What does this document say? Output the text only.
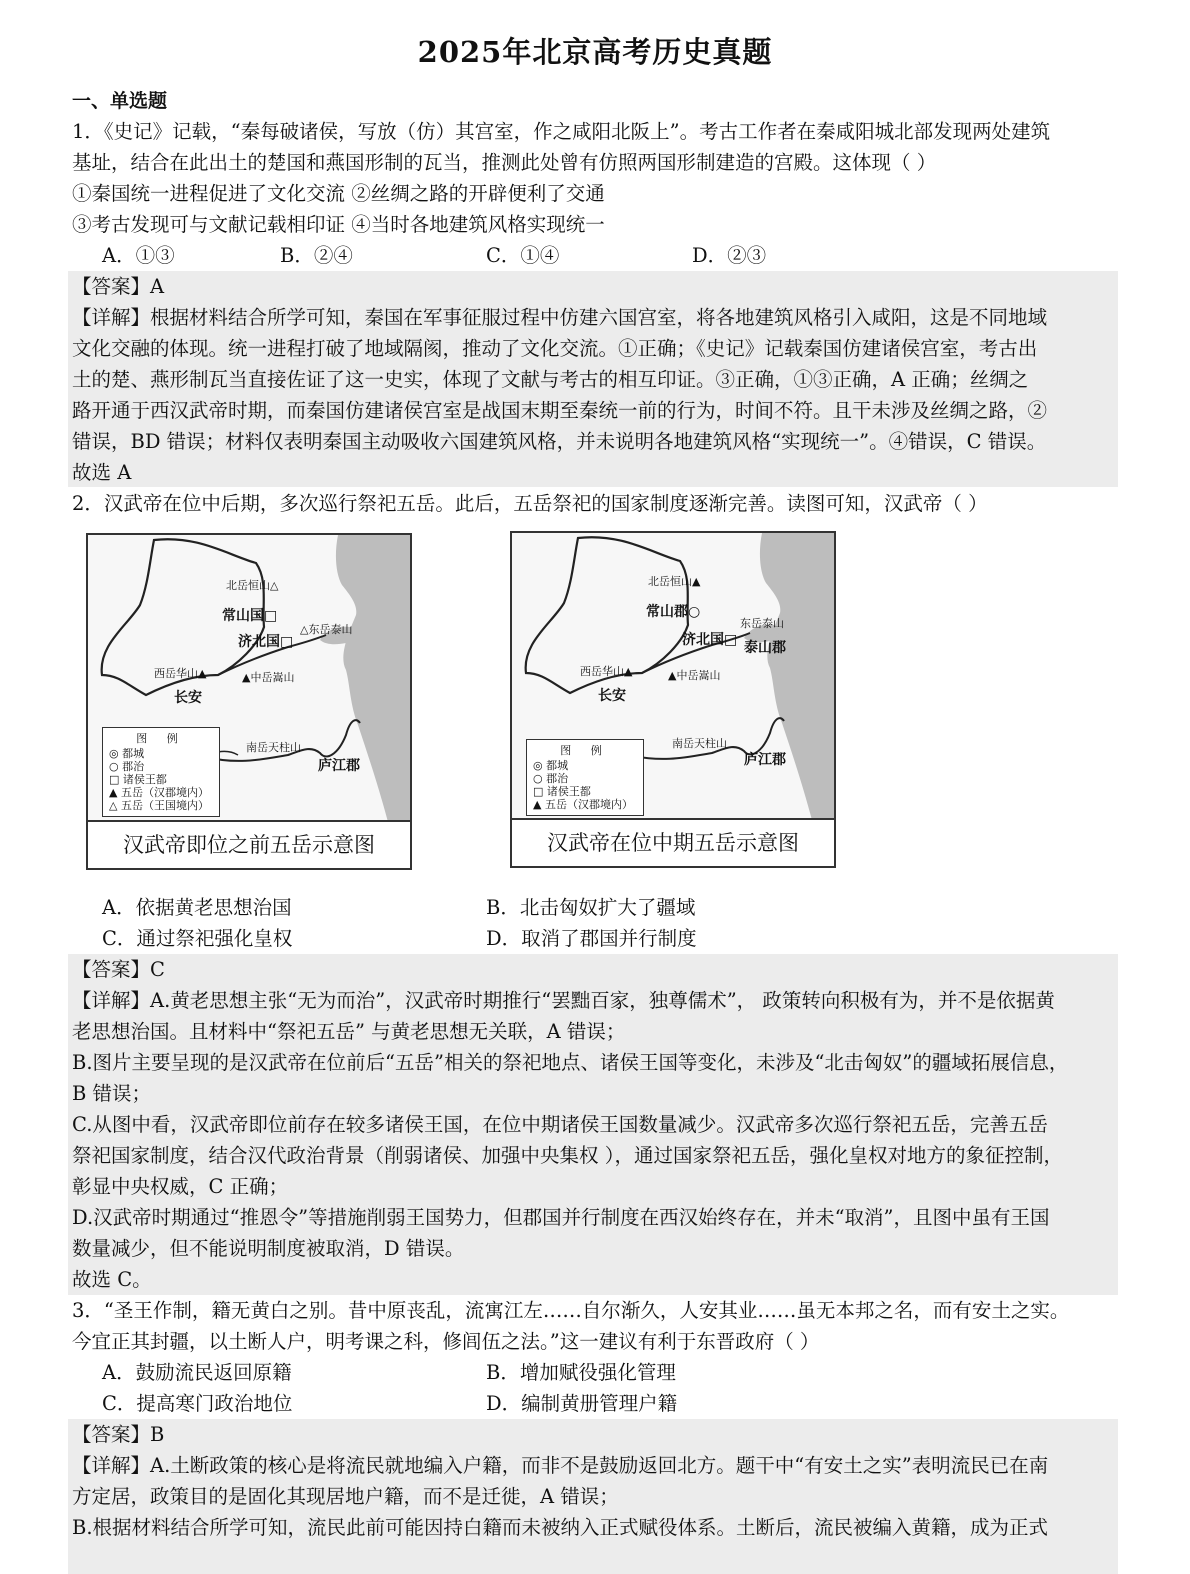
2025年北京高考历史真题
一、单选题
1．《史记》记载，“秦每破诸侯，写放（仿）其宫室，作之咸阳北阪上”。考古工作者在秦咸阳城北部发现两处建筑
基址，结合在此出土的楚国和燕国形制的瓦当，推测此处曾有仿照两国形制建造的宫殿。这体现（ ）
①秦国统一进程促进了文化交流 ②丝绸之路的开辟便利了交通
③考古发现可与文献记载相印证 ④当时各地建筑风格实现统一
A．①③	B．②④	C．①④	D．②③
【答案】A
【详解】根据材料结合所学可知，秦国在军事征服过程中仿建六国宫室，将各地建筑风格引入咸阳，这是不同地域
文化交融的体现。统一进程打破了地域隔阂，推动了文化交流。①正确；《史记》记载秦国仿建诸侯宫室，考古出
土的楚、燕形制瓦当直接佐证了这一史实，体现了文献与考古的相互印证。③正确，①③正确，A 正确；丝绸之
路开通于西汉武帝时期，而秦国仿建诸侯宫室是战国末期至秦统一前的行为，时间不符。且干未涉及丝绸之路，②
错误，BD 错误；材料仅表明秦国主动吸收六国建筑风格，并未说明各地建筑风格“实现统一”。④错误，C 错误。
故选 A
2．汉武帝在位中后期，多次巡行祭祀五岳。此后，五岳祭祀的国家制度逐渐完善。读图可知，汉武帝（ ）
北岳恒山△
常山国□
济北国□
△东岳泰山
西岳华山▲
长安
▲中岳嵩山
南岳天柱山
庐江郡
图 例
◎ 都城
○ 郡治
□ 诸侯王都
▲ 五岳（汉郡境内）
△ 五岳（王国境内）
汉武帝即位之前五岳示意图
北岳恒山▲
常山郡○
济北国□
东岳泰山
泰山郡
西岳华山▲
长安
▲中岳嵩山
南岳天柱山
庐江郡
图 例
◎ 都城
○ 郡治
□ 诸侯王都
▲ 五岳（汉郡境内）
汉武帝在位中期五岳示意图
A．依据黄老思想治国	B．北击匈奴扩大了疆域
C．通过祭祀强化皇权	D．取消了郡国并行制度
【答案】C
【详解】A.黄老思想主张“无为而治”，汉武帝时期推行“罢黜百家，独尊儒术”， 政策转向积极有为，并不是依据黄
老思想治国。且材料中“祭祀五岳” 与黄老思想无关联，A 错误；
B.图片主要呈现的是汉武帝在位前后“五岳”相关的祭祀地点、诸侯王国等变化，未涉及“北击匈奴”的疆域拓展信息，
B 错误；
C.从图中看，汉武帝即位前存在较多诸侯王国，在位中期诸侯王国数量减少。汉武帝多次巡行祭祀五岳，完善五岳
祭祀国家制度，结合汉代政治背景（削弱诸侯、加强中央集权 ），通过国家祭祀五岳，强化皇权对地方的象征控制，
彰显中央权威，C 正确；
D.汉武帝时期通过“推恩令”等措施削弱王国势力，但郡国并行制度在西汉始终存在，并未“取消”，且图中虽有王国
数量减少，但不能说明制度被取消，D 错误。
故选 C。
3．“圣王作制，籍无黄白之别。昔中原丧乱，流寓江左……自尔渐久，人安其业……虽无本邦之名，而有安土之实。
今宜正其封疆，以土断人户，明考课之科，修闾伍之法。”这一建议有利于东晋政府（ ）
A．鼓励流民返回原籍	B．增加赋役强化管理
C．提高寒门政治地位	D．编制黄册管理户籍
【答案】B
【详解】A.土断政策的核心是将流民就地编入户籍，而非不是鼓励返回北方。题干中“有安土之实”表明流民已在南
方定居，政策目的是固化其现居地户籍，而不是迁徙，A 错误；
B.根据材料结合所学可知，流民此前可能因持白籍而未被纳入正式赋役体系。土断后，流民被编入黄籍，成为正式
